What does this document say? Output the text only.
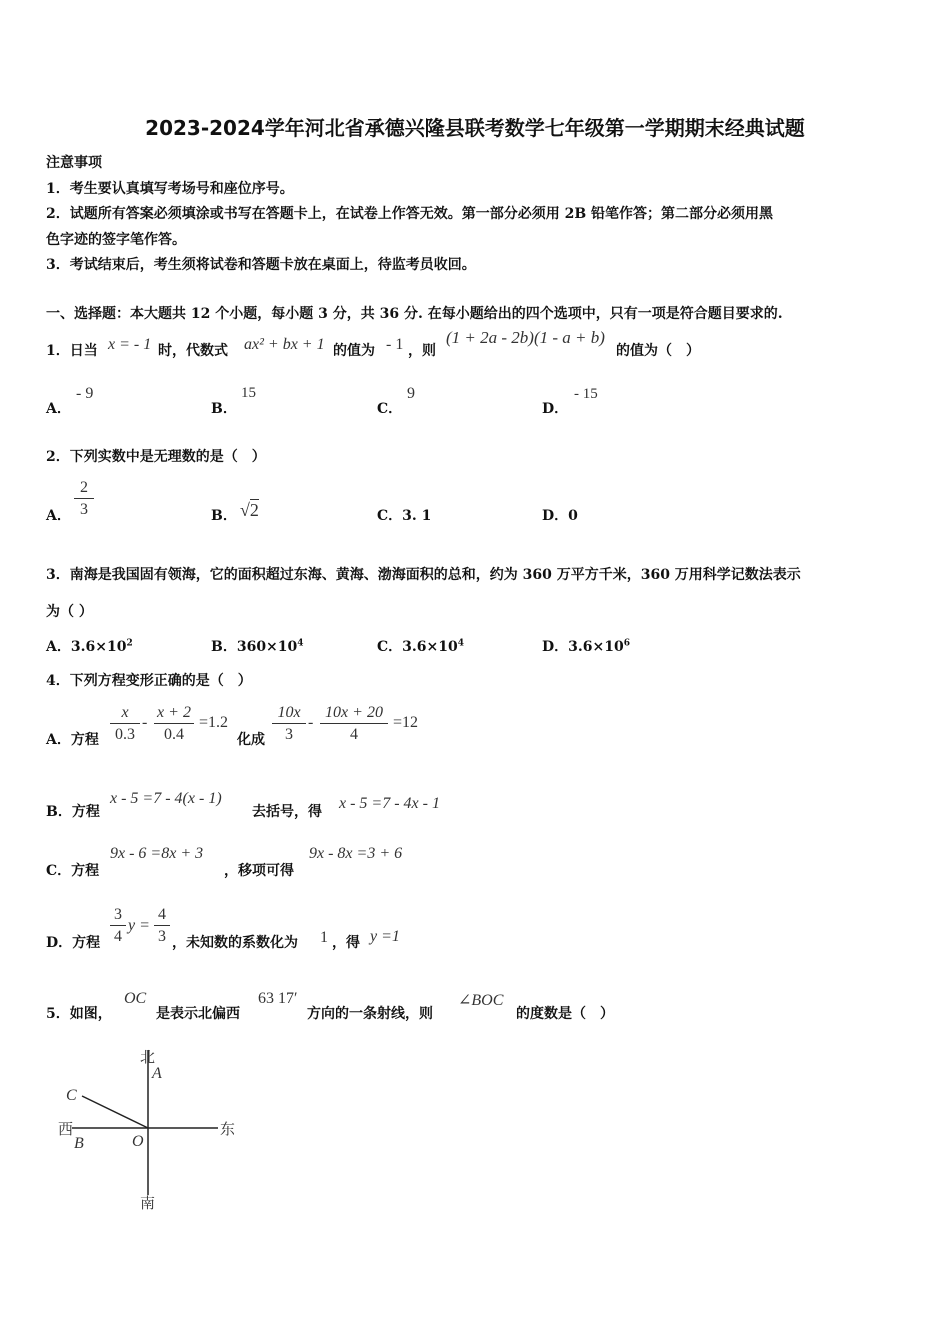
2023-2024学年河北省承德兴隆县联考数学七年级第一学期期末经典试题
注意事项
1．考生要认真填写考场号和座位序号。
2．试题所有答案必须填涂或书写在答题卡上，在试卷上作答无效。第一部分必须用 2B 铅笔作答；第二部分必须用黑
色字迹的签字笔作答。
3．考试结束后，考生须将试卷和答题卡放在桌面上，待监考员收回。
一、选择题：本大题共 12 个小题，每小题 3 分，共 36 分. 在每小题给出的四个选项中，只有一项是符合题目要求的.
1．日当 x = - 1 时，代数式 ax² + bx + 1 的值为 - 1 ，则
(1 + 2a - 2b)(1 - a + b)
的值为（　）
A．
- 9
B．
15
C．
9
D．
- 15
2．下列实数中是无理数的是（　）
A． $\frac{2}{3}$	B． √2	C．3. 1	D．0
3．南海是我国固有领海，它的面积超过东海、黄海、渤海面积的总和，约为 360 万平方千米，360 万用科学记数法表示
为（ ）
A．$3.6\times 10^2$	B．$360\times 10^4$	C．$3.6\times 10^4$	D．$3.6\times 10^6$
4．下列方程变形正确的是（　）
A．方程 $\frac{x}{0.3} - \frac{x + 2}{0.4} =1.2$
化成 $\frac{10x}{3} - \frac{10x + 20}{4} =12$
B．方程
x - 5 =7 - 4(x - 1)
去括号，得 x - 5 =7 - 4x - 1
C．方程
9x - 6 =8x + 3
，移项可得
9x - 8x =3 + 6
D．方程 $\frac{3}{4}$ $y = \frac{4}{3}$ ，未知数的系数化为 1 ，得 y =1
5．如图，
OC
是表示北偏西
63 17′
方向的一条射线，则
∠BOC
的度数是（　）
北
A
C
西
B	O
东
南
